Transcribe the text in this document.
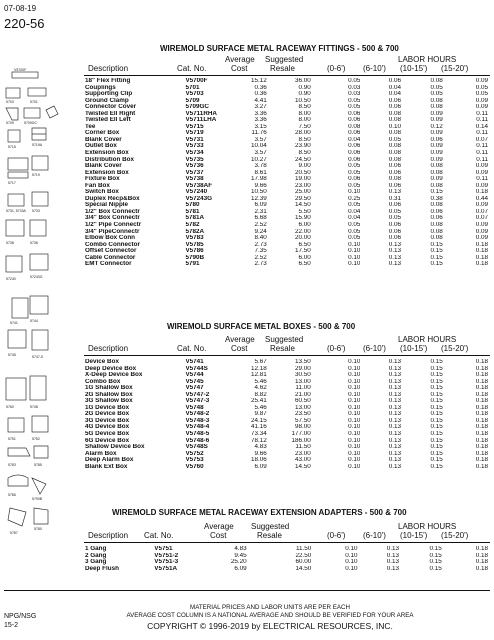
07-08-19
220-56
V5700F
5703	5701
5709	5709GC
5715	5719A
5717
5719
5731, 5733A 5733
5738	5736
57240	57243G
5741	5744
5745	5747-5
5760	5748
5751	5752
5783	5785
5786
5790B
5787
5780
WIREMOLD SURFACE METAL RACEWAY FITTINGS - 500 & 700
Description	Cat. No.
Average
Cost
Suggested
Resale
LABOR HOURS
(0-6') (6-10') (10-15') (15-20')
18" Flex Fitting	V5700F	15.12	36.00	0.05	0.06	0.08	0.09
Couplings	5701	0.36	0.90	0.03	0.04	0.05	0.05
Supporting Clip	V5703	0.36	0.90	0.03	0.04	0.05	0.05
Ground Clamp	5709	4.41	10.50	0.05	0.06	0.08	0.09
Connector Cover	5709GC	3.27	8.50	0.05	0.06	0.08	0.09
Twisted Ell Right	V5711RHA	3.36	8.00	0.06	0.08	0.09	0.11
Twisted Ell Left	V5711LHA	3.36	8.00	0.06	0.08	0.09	0.11
Tee	V5715	3.15	7.50	0.08	0.10	0.12	0.14
Corner Box	V5719	11.76	28.00	0.06	0.08	0.09	0.11
Blank Cover	V5731	3.57	8.50	0.04	0.05	0.06	0.07
Outlet Box	V5733	10.04	23.90	0.06	0.08	0.09	0.11
Extension Box	V5734	3.57	8.50	0.06	0.08	0.09	0.11
Distribution Box	V5735	10.27	24.50	0.06	0.08	0.09	0.11
Blank Cover	V5736	3.78	9.00	0.05	0.06	0.08	0.09
Extension Box	V5737	8.61	20.50	0.05	0.06	0.08	0.09
Fixture Box	V5738	17.98	19.00	0.06	0.08	0.09	0.11
Fan Box	V5738AF	9.66	23.00	0.05	0.06	0.08	0.09
Switch Box	V57240	10.50	25.00	0.10	0.13	0.15	0.18
Duplex Recp&Box	V57243G	12.39	29.50	0.25	0.31	0.38	0.44
Special Nipple	5780	6.09	14.50	0.05	0.06	0.08	0.09
1/2" Box Connectr	5781	2.31	5.50	0.04	0.05	0.06	0.07
3/4" Box Connectr	5781A	6.68	15.90	0.04	0.05	0.06	0.07
1/2" Pipe Connectr	5782	2.52	6.00	0.05	0.06	0.08	0.09
3/4" PipeConnectr	5782A	9.24	22.00	0.05	0.06	0.08	0.09
Elbow Box Conn	V5783	8.40	20.00	0.05	0.06	0.08	0.09
Combo Connector	V5785	2.73	6.50	0.10	0.13	0.15	0.18
Offset Connector	V5786	7.35	17.50	0.10	0.13	0.15	0.18
Cable Connector	5790B	2.52	6.00	0.10	0.13	0.15	0.18
EMT Connector	5791	2.73	6.50	0.10	0.13	0.15	0.18
WIREMOLD SURFACE METAL BOXES - 500 & 700
Description	Cat. No.
Average
Cost
Suggested
Resale
LABOR HOURS
(0-6') (6-10') (10-15') (15-20')
Device Box	V5741	5.67	13.50	0.10	0.13	0.15	0.18
Deep Device Box	V5744S	12.18	29.00	0.10	0.13	0.15	0.18
X-Deep Device Box	V5744	12.81	30.50	0.10	0.13	0.15	0.18
Combo Box	V5745	5.46	13.00	0.10	0.13	0.15	0.18
1G Shallow Box	V5747	4.62	11.00	0.10	0.13	0.15	0.18
2G Shallow Box	V5747-2	8.82	21.00	0.10	0.13	0.15	0.18
3G Shallow Box	V5747-3	25.41	60.50	0.10	0.13	0.15	0.18
1G Device Box	V5748	5.46	13.00	0.10	0.13	0.15	0.18
2G Device Box	V5748-2	9.87	23.50	0.10	0.13	0.15	0.18
3G Device Box	V5748-3	24.15	57.50	0.10	0.13	0.15	0.18
4G Device Box	V5748-4	41.16	98.00	0.10	0.13	0.15	0.18
5G Device Box	V5748-5	73.34	177.00	0.10	0.13	0.15	0.18
6G Device Box	V5748-6	78.12	186.00	0.10	0.13	0.15	0.18
Shallow Device Box	V5748S	4.83	11.50	0.10	0.13	0.15	0.18
Alarm Box	V5752	9.66	23.00	0.10	0.13	0.15	0.18
Deep Alarm Box	V5753	18.06	43.00	0.10	0.13	0.15	0.18
Blank Ext Box	V5760	6.09	14.50	0.10	0.13	0.15	0.18
WIREMOLD SURFACE METAL RACEWAY EXTENSION ADAPTERS - 500 & 700
Description Cat. No.
Average
Cost
Suggested
Resale
LABOR HOURS
(0-6') (6-10') (10-15') (15-20')
1 Gang	V5751	4.83	11.50	0.10	0.13	0.15	0.18
2 Gang	V5751-2	9.45	22.50	0.10	0.13	0.15	0.18
3 Gang	V5751-3	25.20	60.00	0.10	0.13	0.15	0.18
Deep Flush	V5751A	6.09	14.50	0.10	0.13	0.15	0.18
NPG/NSG
15-2
MATERIAL PRICES AND LABOR UNITS ARE PER EACH
AVERAGE COST COLUMN IS A NATIONAL AVERAGE AND SHOULD BE VERIFIED FOR YOUR AREA
COPYRIGHT © 1996-2019 by ELECTRICAL RESOURCES, INC.
